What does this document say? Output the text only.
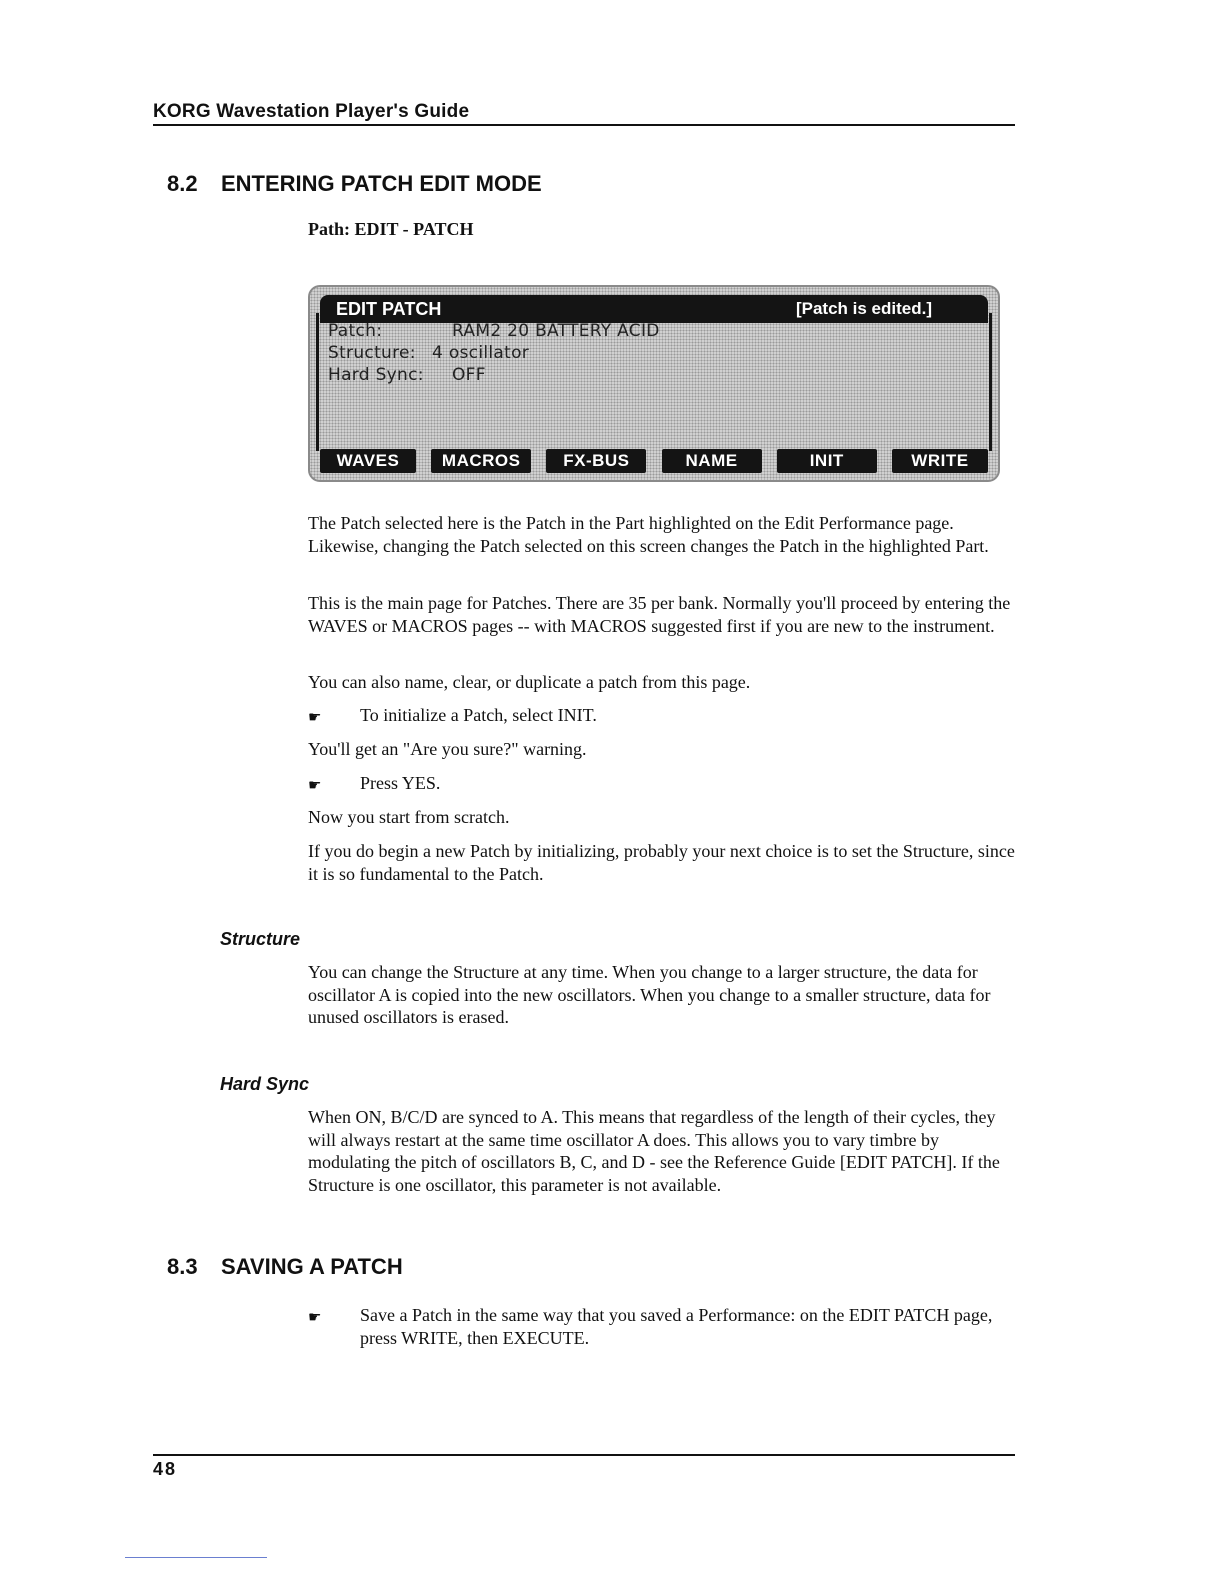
KORG Wavestation Player's Guide
8.2 ENTERING PATCH EDIT MODE
Path: EDIT - PATCH
EDIT PATCH	[Patch is edited.]
Patch:	RAM2 20 BATTERY ACID
Structure: 4 oscillator
Hard Sync: OFF
WAVES	MACROS	FX-BUS	NAME	INIT	WRITE
The Patch selected here is the Patch in the Part highlighted on the Edit Performance page. Likewise, changing the Patch selected on this screen changes the Patch in the highlighted Part.
This is the main page for Patches. There are 35 per bank. Normally you'll proceed by entering the WAVES or MACROS pages -- with MACROS suggested first if you are new to the instrument.
You can also name, clear, or duplicate a patch from this page.
☛ To initialize a Patch, select INIT.
You'll get an "Are you sure?" warning.
☛ Press YES.
Now you start from scratch.
If you do begin a new Patch by initializing, probably your next choice is to set the Structure, since it is so fundamental to the Patch.
Structure
You can change the Structure at any time. When you change to a larger structure, the data for oscillator A is copied into the new oscillators. When you change to a smaller structure, data for unused oscillators is erased.
Hard Sync
When ON, B/C/D are synced to A. This means that regardless of the length of their cycles, they will always restart at the same time oscillator A does. This allows you to vary timbre by modulating the pitch of oscillators B, C, and D - see the Reference Guide [EDIT PATCH]. If the Structure is one oscillator, this parameter is not available.
8.3 SAVING A PATCH
☛ Save a Patch in the same way that you saved a Performance: on the EDIT PATCH page, press WRITE, then EXECUTE.
48
